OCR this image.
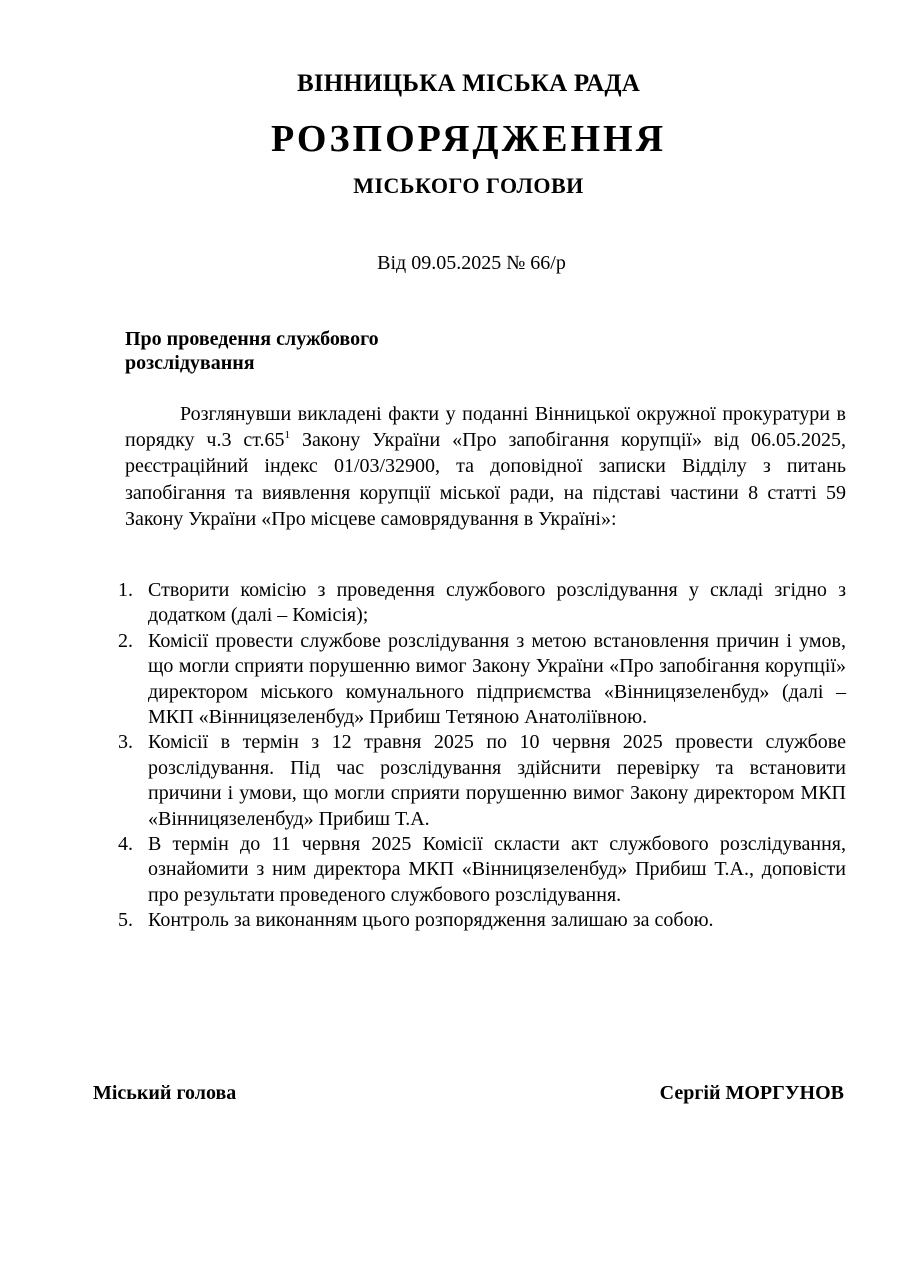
ВІННИЦЬКА МІСЬКА РАДА
РОЗПОРЯДЖЕННЯ
МІСЬКОГО ГОЛОВИ
Від 09.05.2025 № 66/р
Про проведення службового
розслідування
Розглянувши викладені факти у поданні Вінницької окружної прокуратури в порядку ч.3 $ст.65^1$ Закону України «Про запобігання корупції» від 06.05.2025, реєстраційний індекс 01/03/32900, та доповідної записки Відділу з питань запобігання та виявлення корупції міської ради, на підставі частини 8 статті 59 Закону України «Про місцеве самоврядування в Україні»:
1. Створити комісію з проведення службового розслідування у складі згідно з додатком (далі – Комісія);
2. Комісії провести службове розслідування з метою встановлення причин і умов, що могли сприяти порушенню вимог Закону України «Про запобігання корупції» директором міського комунального підприємства «Вінницязеленбуд» (далі – МКП «Вінницязеленбуд» Прибиш Тетяною Анатоліївною.
3. Комісії в термін з 12 травня 2025 по 10 червня 2025 провести службове розслідування. Під час розслідування здійснити перевірку та встановити причини і умови, що могли сприяти порушенню вимог Закону директором МКП «Вінницязеленбуд» Прибиш Т.А.
4. В термін до 11 червня 2025 Комісії скласти акт службового розслідування, ознайомити з ним директора МКП «Вінницязеленбуд» Прибиш Т.А., доповісти про результати проведеного службового розслідування.
5. Контроль за виконанням цього розпорядження залишаю за собою.
Міський голова	Сергій МОРГУНОВ
